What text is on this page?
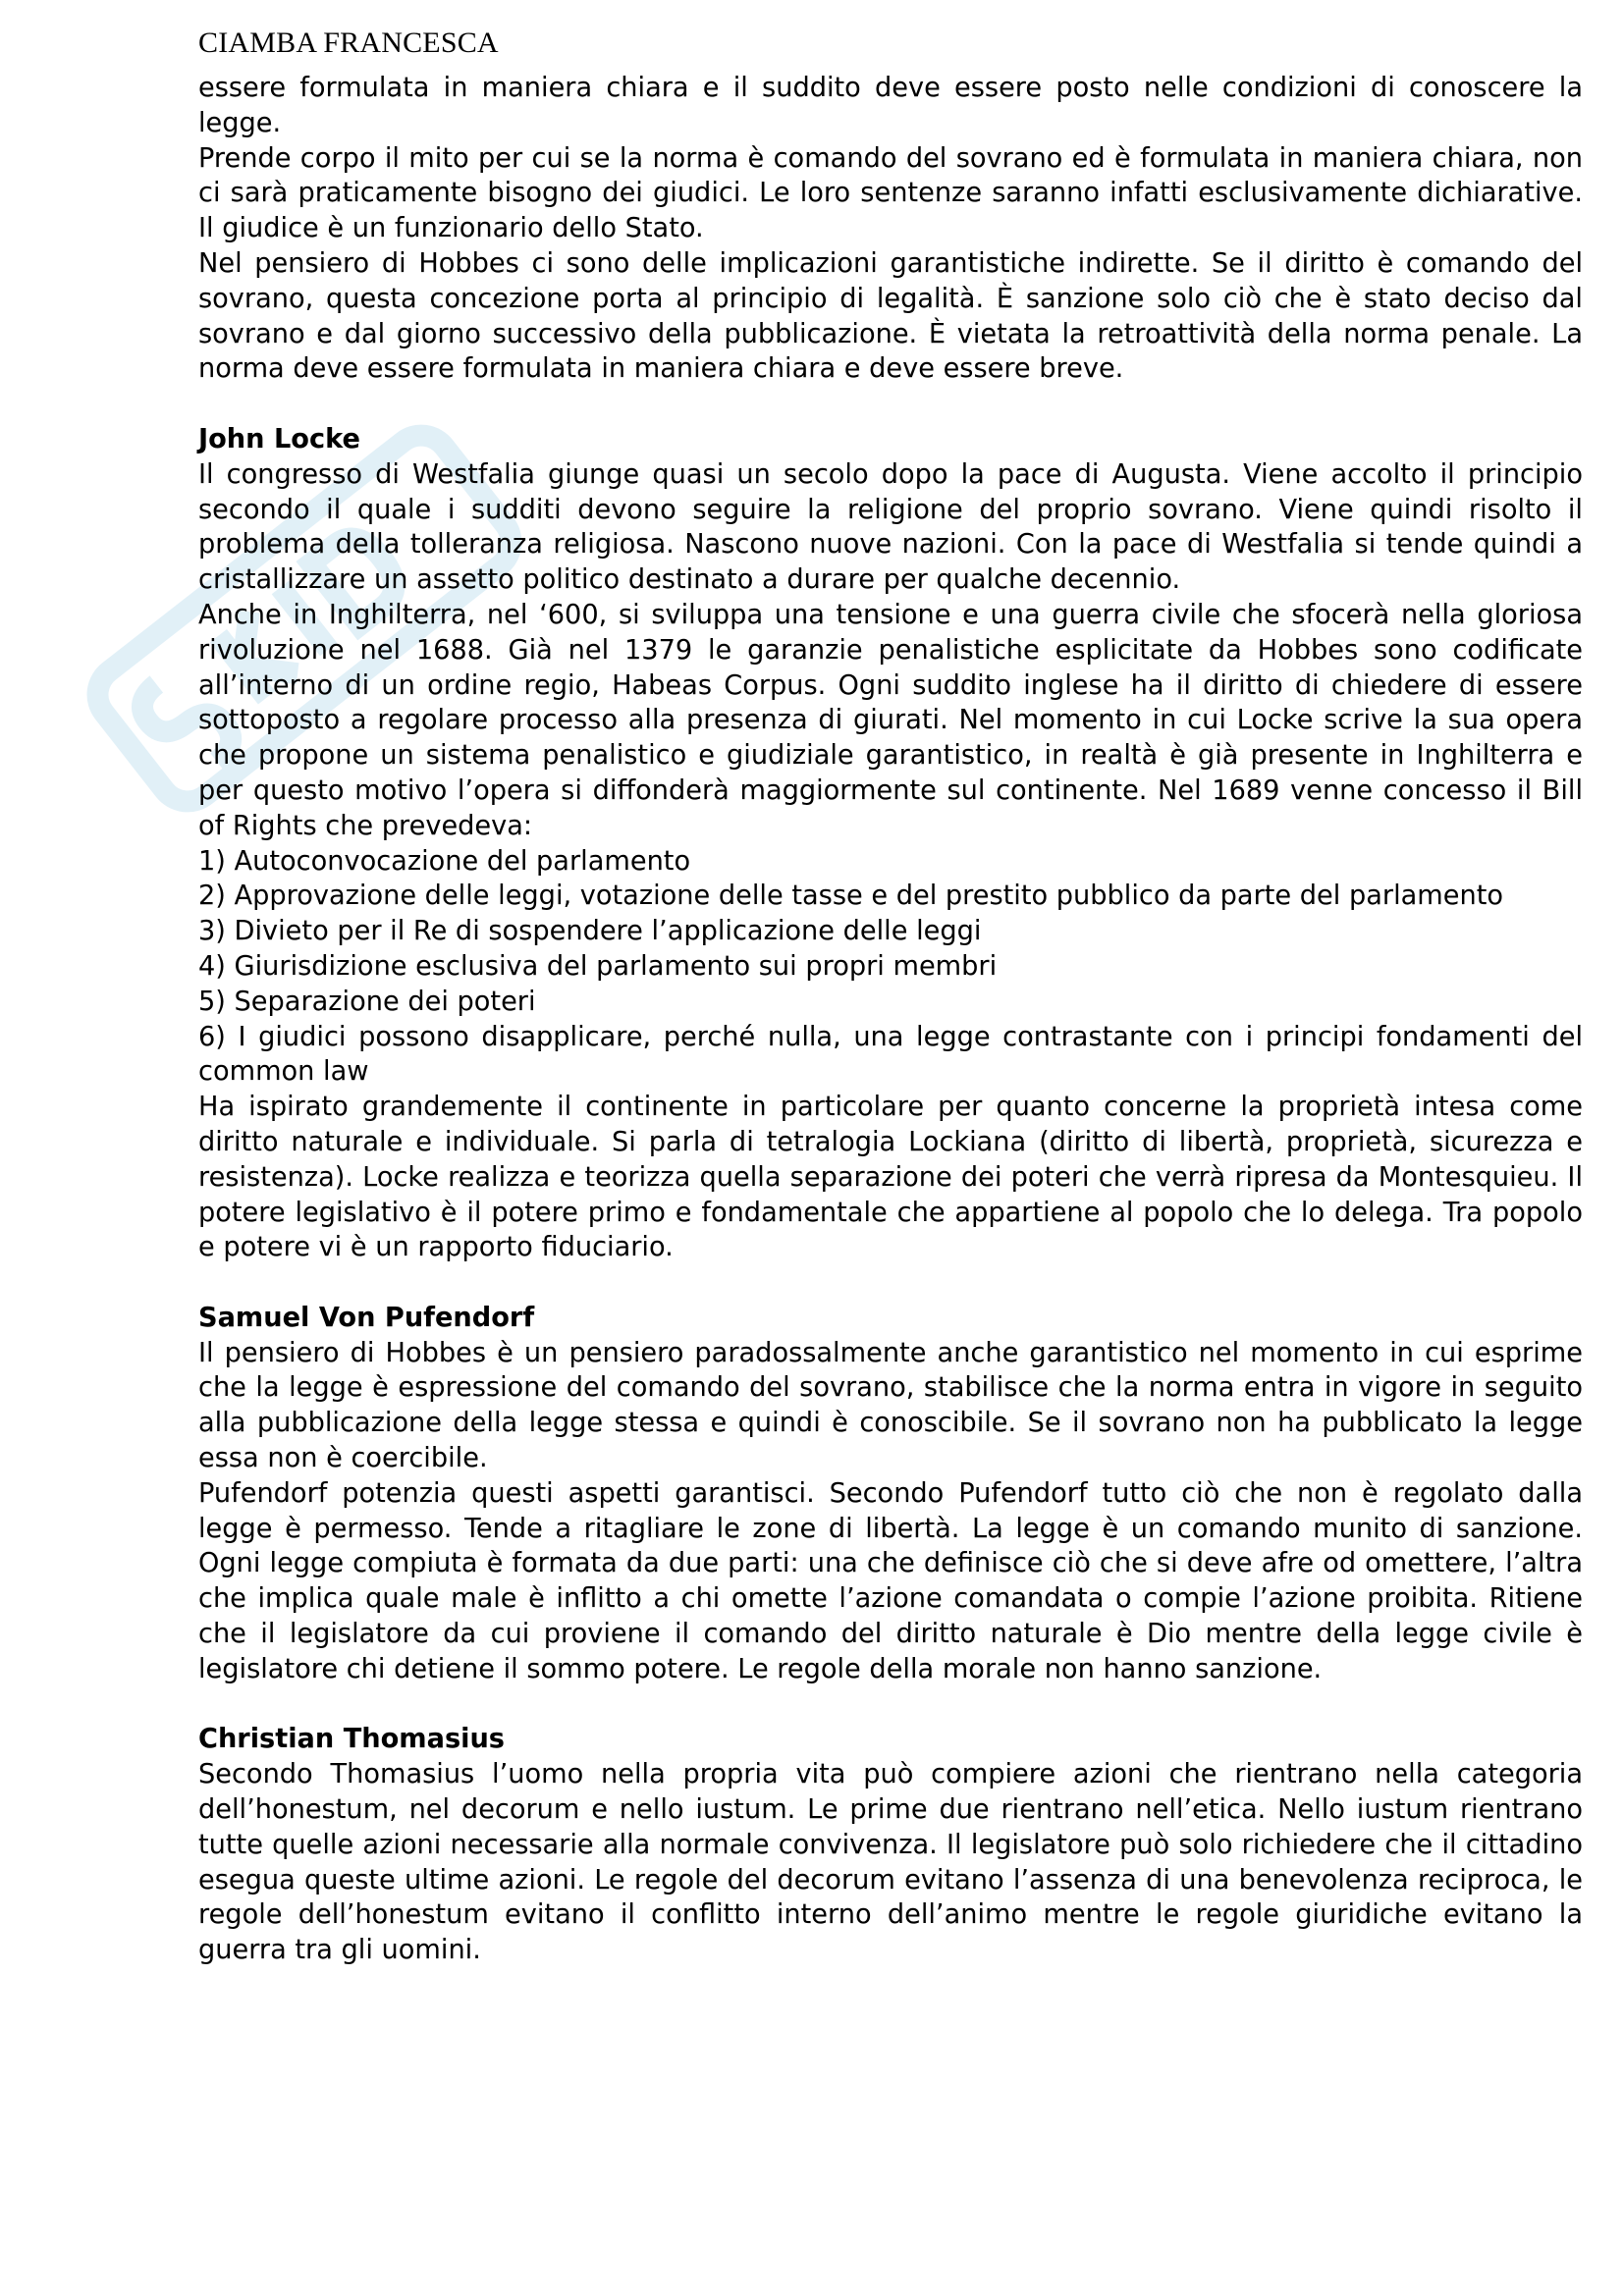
CIAMBA FRANCESCA

essere formulata in maniera chiara e il suddito deve essere posto nelle condizioni di conoscere la legge.

Prende corpo il mito per cui se la norma è comando del sovrano ed è formulata in maniera chiara, non ci sarà praticamente bisogno dei giudici. Le loro sentenze saranno infatti esclusivamente dichiarative. Il giudice è un funzionario dello Stato.

Nel pensiero di Hobbes ci sono delle implicazioni garantistiche indirette. Se il diritto è comando del sovrano, questa concezione porta al principio di legalità. È sanzione solo ciò che è stato deciso dal sovrano e dal giorno successivo della pubblicazione. È vietata la retroattività della norma penale. La norma deve essere formulata in maniera chiara e deve essere breve.

John Locke

Il congresso di Westfalia giunge quasi un secolo dopo la pace di Augusta. Viene accolto il principio secondo il quale i sudditi devono seguire la religione del proprio sovrano. Viene quindi risolto il problema della tolleranza religiosa. Nascono nuove nazioni. Con la pace di Westfalia si tende quindi a cristallizzare un assetto politico destinato a durare per qualche decennio.

Anche in Inghilterra, nel ‘600, si sviluppa una tensione e una guerra civile che sfocerà nella gloriosa rivoluzione nel 1688. Già nel 1379 le garanzie penalistiche esplicitate da Hobbes sono codificate all’interno di un ordine regio, Habeas Corpus. Ogni suddito inglese ha il diritto di chiedere di essere sottoposto a regolare processo alla presenza di giurati. Nel momento in cui Locke scrive la sua opera che propone un sistema penalistico e giudiziale garantistico, in realtà è già presente in Inghilterra e per questo motivo l’opera si diffonderà maggiormente sul continente. Nel 1689 venne concesso il Bill of Rights che prevedeva:

1) Autoconvocazione del parlamento

2) Approvazione delle leggi, votazione delle tasse e del prestito pubblico da parte del parlamento

3) Divieto per il Re di sospendere l’applicazione delle leggi

4) Giurisdizione esclusiva del parlamento sui propri membri

5) Separazione dei poteri

6) I giudici possono disapplicare, perché nulla, una legge contrastante con i principi fondamenti del common law

Ha ispirato grandemente il continente in particolare per quanto concerne la proprietà intesa come diritto naturale e individuale. Si parla di tetralogia Lockiana (diritto di libertà, proprietà, sicurezza e resistenza). Locke realizza e teorizza quella separazione dei poteri che verrà ripresa da Montesquieu. Il potere legislativo è il potere primo e fondamentale che appartiene al popolo che lo delega. Tra popolo e potere vi è un rapporto fiduciario.

Samuel Von Pufendorf

Il pensiero di Hobbes è un pensiero paradossalmente anche garantistico nel momento in cui esprime che la legge è espressione del comando del sovrano, stabilisce che la norma entra in vigore in seguito alla pubblicazione della legge stessa e quindi è conoscibile. Se il sovrano non ha pubblicato la legge essa non è coercibile.

Pufendorf potenzia questi aspetti garantisci. Secondo Pufendorf tutto ciò che non è regolato dalla legge è permesso. Tende a ritagliare le zone di libertà. La legge è un comando munito di sanzione. Ogni legge compiuta è formata da due parti: una che definisce ciò che si deve afre od omettere, l’altra che implica quale male è inflitto a chi omette l’azione comandata o compie l’azione proibita. Ritiene che il legislatore da cui proviene il comando del diritto naturale è Dio mentre della legge civile è legislatore chi detiene il sommo potere. Le regole della morale non hanno sanzione.

Christian Thomasius

Secondo Thomasius l’uomo nella propria vita può compiere azioni che rientrano nella categoria dell’honestum, nel decorum e nello iustum. Le prime due rientrano nell’etica. Nello iustum rientrano tutte quelle azioni necessarie alla normale convivenza. Il legislatore può solo richiedere che il cittadino esegua queste ultime azioni. Le regole del decorum evitano l’assenza di una benevolenza reciproca, le regole dell’honestum evitano il conflitto interno dell’animo mentre le regole giuridiche evitano la guerra tra gli uomini.
